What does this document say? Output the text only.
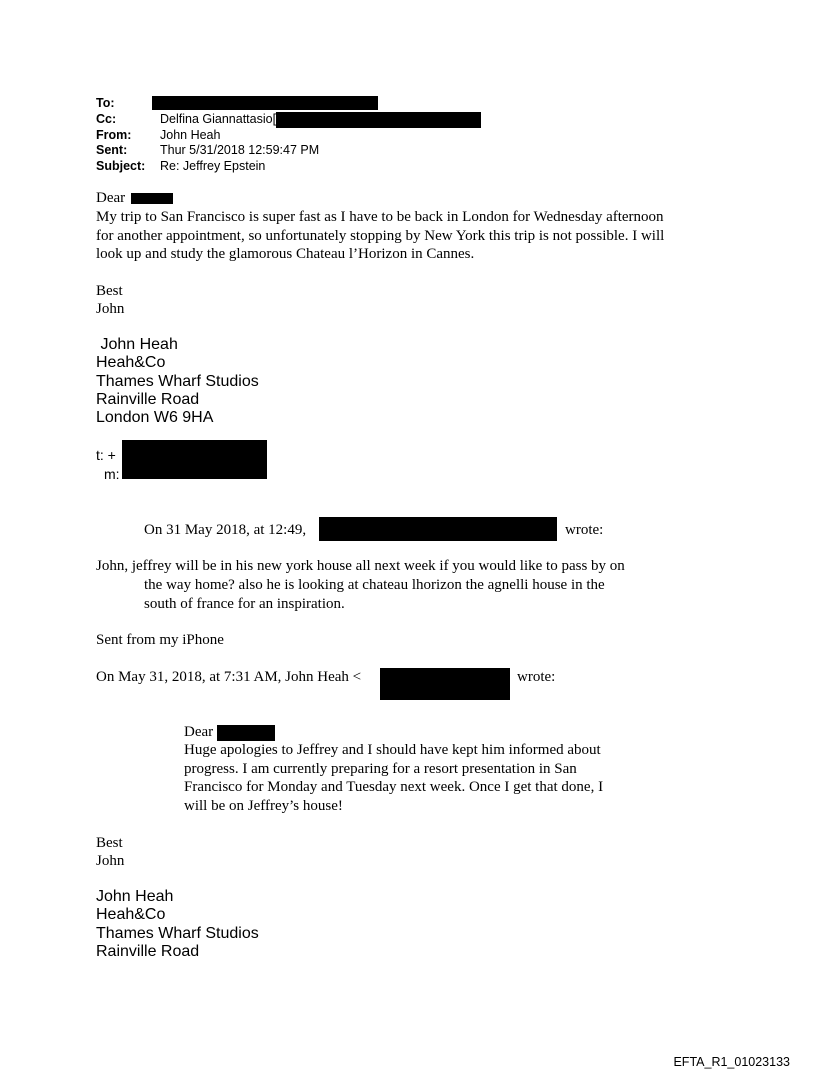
To:
Cc:	Delfina Giannattasio[
From:	John Heah
Sent:	Thur 5/31/2018 12:59:47 PM
Subject:	Re: Jeffrey Epstein
Dear
My trip to San Francisco is super fast as I have to be back in London for Wednesday afternoon
for another appointment, so unfortunately stopping by New York this trip is not possible. I will
look up and study the glamorous Chateau l’Horizon in Cannes.
Best
John
John Heah
Heah&Co
Thames Wharf Studios
Rainville Road
London W6 9HA
t: +
m:
On 31 May 2018, at 12:49,	wrote:
John, jeffrey will be in his new york house all next week if you would like to pass by on
the way home? also he is looking at chateau lhorizon the agnelli house in the
south of france for an inspiration.
Sent from my iPhone
On May 31, 2018, at 7:31 AM, John Heah <	wrote:
Dear
Huge apologies to Jeffrey and I should have kept him informed about
progress. I am currently preparing for a resort presentation in San
Francisco for Monday and Tuesday next week. Once I get that done, I
will be on Jeffrey’s house!
Best
John
John Heah
Heah&Co
Thames Wharf Studios
Rainville Road
EFTA_R1_01023133
